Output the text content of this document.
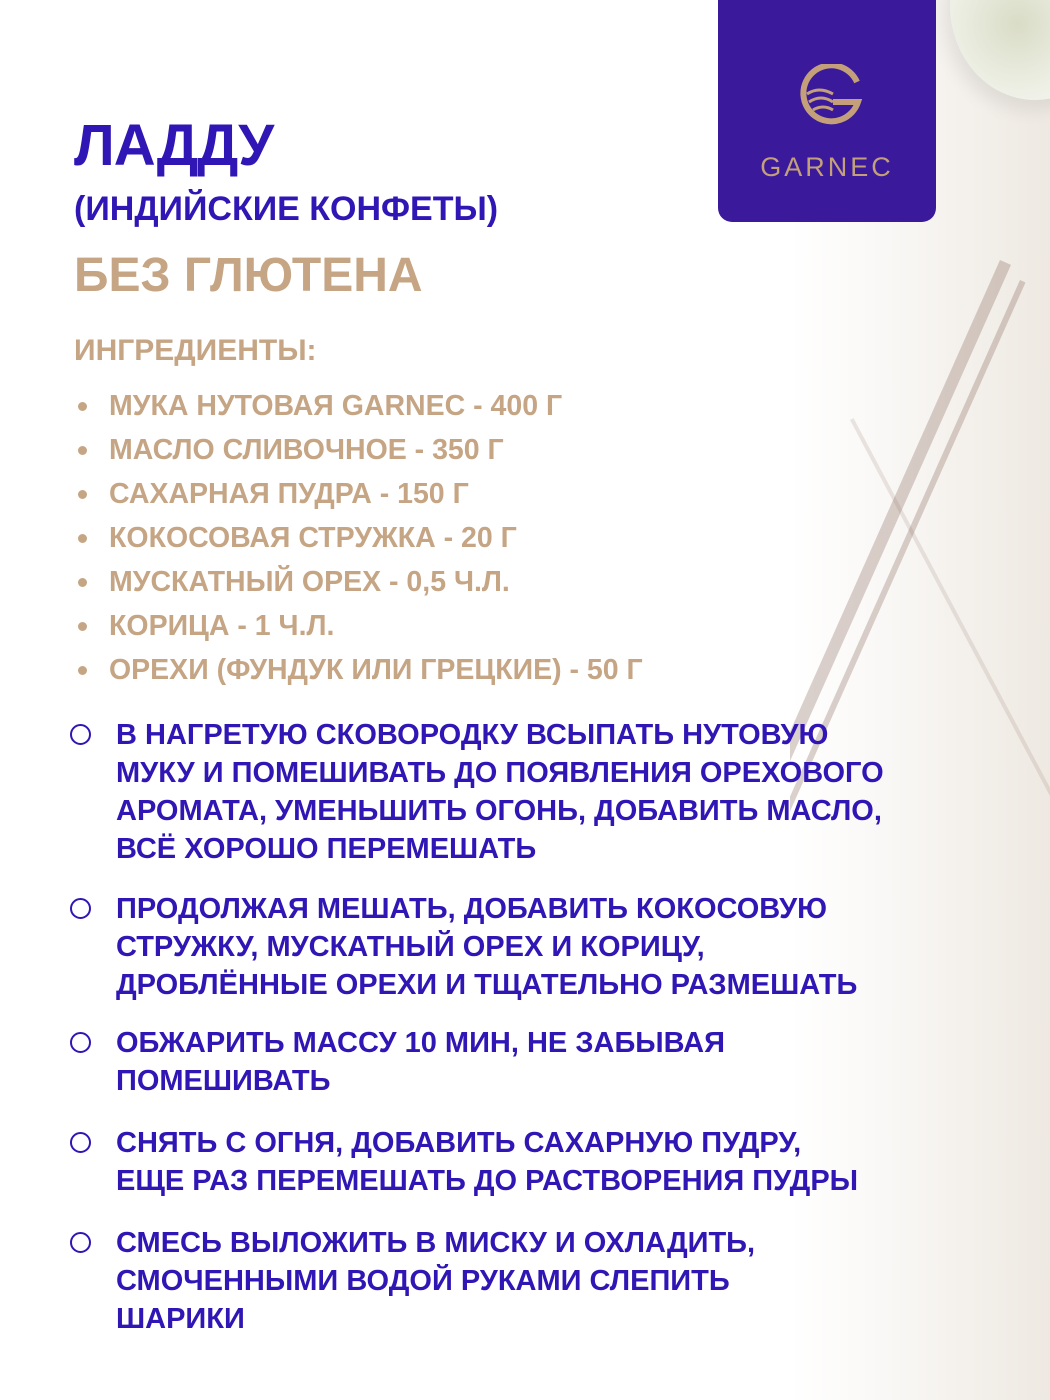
GARNEC
ЛАДДУ
(ИНДИЙСКИЕ КОНФЕТЫ)
БЕЗ ГЛЮТЕНА
ИНГРЕДИЕНТЫ:
МУКА НУТОВАЯ GARNEC - 400 Г
МАСЛО СЛИВОЧНОЕ - 350 Г
САХАРНАЯ ПУДРА - 150 Г
КОКОСОВАЯ СТРУЖКА - 20 Г
МУСКАТНЫЙ ОРЕХ - 0,5 Ч.Л.
КОРИЦА - 1 Ч.Л.
ОРЕХИ (ФУНДУК ИЛИ ГРЕЦКИЕ) - 50 Г
В НАГРЕТУЮ СКОВОРОДКУ ВСЫПАТЬ НУТОВУЮ
МУКУ И ПОМЕШИВАТЬ ДО ПОЯВЛЕНИЯ ОРЕХОВОГО
АРОМАТА, УМЕНЬШИТЬ ОГОНЬ, ДОБАВИТЬ МАСЛО,
ВСЁ ХОРОШО ПЕРЕМЕШАТЬ
ПРОДОЛЖАЯ МЕШАТЬ, ДОБАВИТЬ КОКОСОВУЮ
СТРУЖКУ, МУСКАТНЫЙ ОРЕХ И КОРИЦУ,
ДРОБЛЁННЫЕ ОРЕХИ И ТЩАТЕЛЬНО РАЗМЕШАТЬ
ОБЖАРИТЬ МАССУ 10 МИН, НЕ ЗАБЫВАЯ
ПОМЕШИВАТЬ
СНЯТЬ С ОГНЯ, ДОБАВИТЬ САХАРНУЮ ПУДРУ,
ЕЩЕ РАЗ ПЕРЕМЕШАТЬ ДО РАСТВОРЕНИЯ ПУДРЫ
СМЕСЬ ВЫЛОЖИТЬ В МИСКУ И ОХЛАДИТЬ,
СМОЧЕННЫМИ ВОДОЙ РУКАМИ СЛЕПИТЬ
ШАРИКИ
